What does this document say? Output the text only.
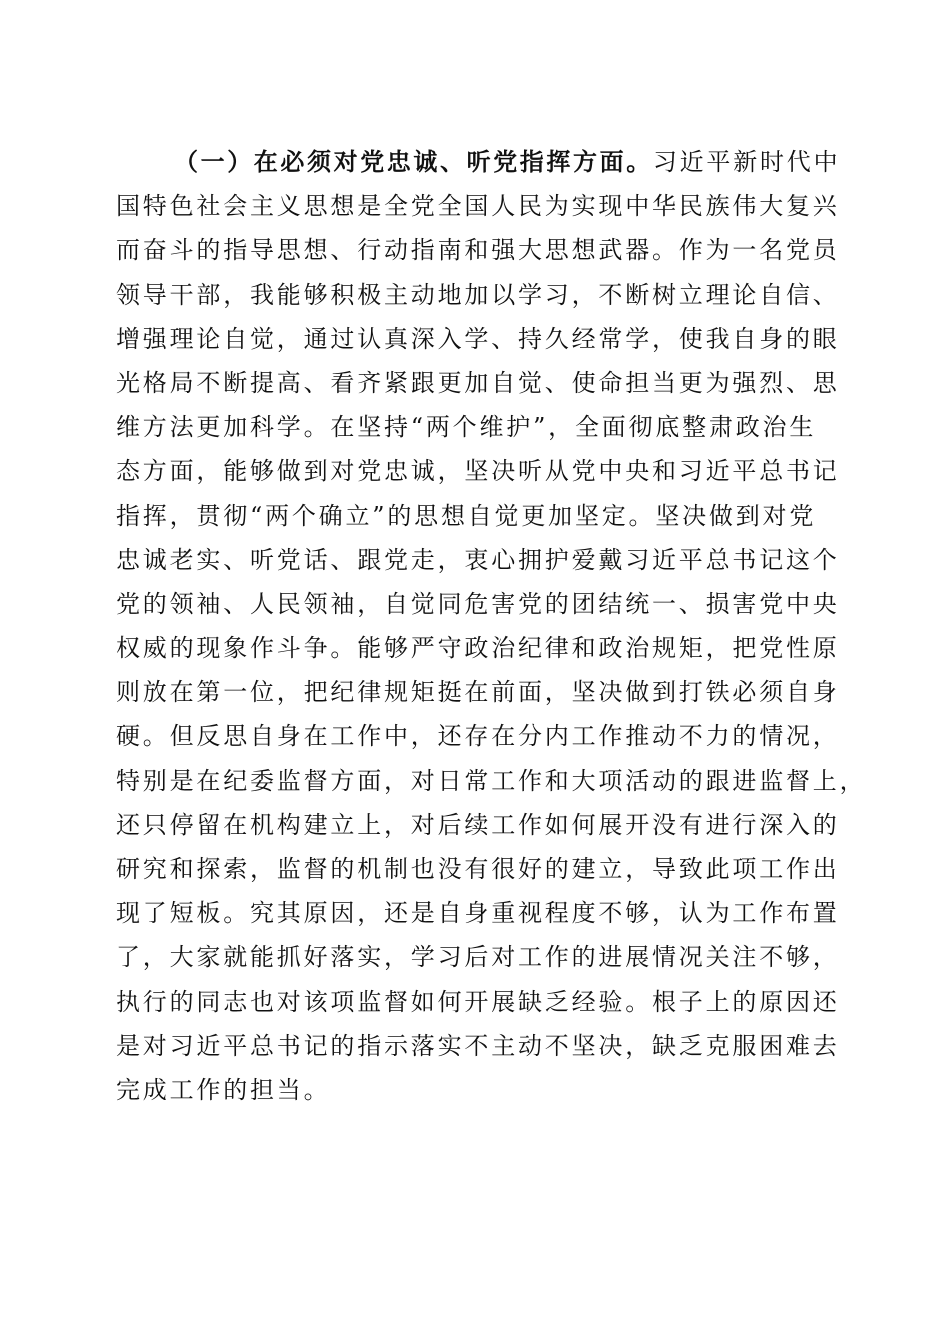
（一）在必须对党忠诚、听党指挥方面。习近平新时代中
国特色社会主义思想是全党全国人民为实现中华民族伟大复兴
而奋斗的指导思想、行动指南和强大思想武器。作为一名党员
领导干部，我能够积极主动地加以学习，不断树立理论自信、
增强理论自觉，通过认真深入学、持久经常学，使我自身的眼
光格局不断提高、看齐紧跟更加自觉、使命担当更为强烈、思
维方法更加科学。在坚持“两个维护”，全面彻底整肃政治生
态方面，能够做到对党忠诚，坚决听从党中央和习近平总书记
指挥，贯彻“两个确立”的思想自觉更加坚定。坚决做到对党
忠诚老实、听党话、跟党走，衷心拥护爱戴习近平总书记这个
党的领袖、人民领袖，自觉同危害党的团结统一、损害党中央
权威的现象作斗争。能够严守政治纪律和政治规矩，把党性原
则放在第一位，把纪律规矩挺在前面，坚决做到打铁必须自身
硬。但反思自身在工作中，还存在分内工作推动不力的情况，
特别是在纪委监督方面，对日常工作和大项活动的跟进监督上，
还只停留在机构建立上，对后续工作如何展开没有进行深入的
研究和探索，监督的机制也没有很好的建立，导致此项工作出
现了短板。究其原因，还是自身重视程度不够，认为工作布置
了，大家就能抓好落实，学习后对工作的进展情况关注不够，
执行的同志也对该项监督如何开展缺乏经验。根子上的原因还
是对习近平总书记的指示落实不主动不坚决，缺乏克服困难去
完成工作的担当。
